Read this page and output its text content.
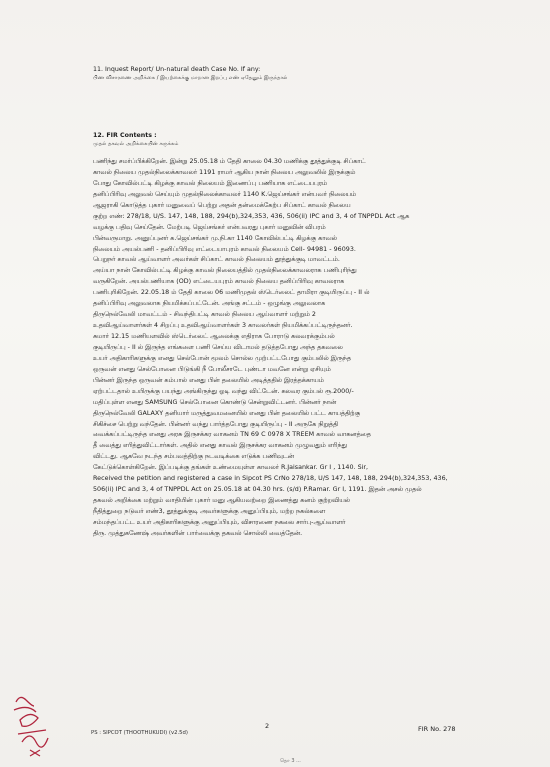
11. Inquest Report/ Un-natural death Case No. If any:
பிண விசாரணை அறிக்கை / இயற்கைக்கு மாறான இறப்பு எண் ஏதேனும் இருந்தால்
12. FIR Contents :
முதல் தகவல் அறிக்கையின் சுருக்கம்
பணிந்து சமர்ப்பிக்கிறேன். இன்று 25.05.18 ம் தேதி காலை 04.30 மணிக்கு தூத்துக்குடி சிப்காட்
காவல் நிலைய முதல்நிலைக்காவலர் 1191 ராமர் ஆகிய நான் நிலைய அலுவலில் இருக்கும்
போது கோவில்பட்டி கிழக்கு காவல் நிலையம் இணைப்பு பணியாக எட்டையபுரம்
தனிப்பிரிவு அலுவல் செய்யும் முதல்நிலைக்காவலர் 1140 K.ஜெய்சங்கர் என்பவர் நிலையம்
ஆஜராகி கொடுத்த புகார் மனுவைப் பெற்று அதன் தன்மைக்கேற்ப சிப்காட் காவல் நிலைய
குற்ற எண்: 278/18, U/S. 147, 148, 188, 294(b),324,353, 436, 506(ii) IPC and 3, 4 of TNPPDL Act ஆக
வழக்கு பதிவு செய்தேன். மேற்படி ஜெய்சங்கர் என்பவரது புகார் மனுவின் விபரம்
பின்வருமாறு. அனுப்புனர் க.ஜெய்சங்கர் மு.நி.கா 1140 கோவில்பட்டி கிழக்கு காவல்
நிலையம் அயல்பணி - தனிப்பிரிவு எட்டையாபுரம் காவல் நிலையம் Cell- 94981 - 96093.
பெறுநர் காவல் ஆய்வாளர் அவர்கள் சிப்காட் காவல் நிலையம் தூத்துக்குடி மாவட்டம்.
அய்யா நான் கோவில்பட்டி கிழக்கு காவல் நிலையத்தில் முதல்நிலைக்காவலராக பணிபுரிந்து
வருகிறேன். அயல்பணியாக (OD) எட்டையபுரம் காவல் நிலைய தனிப்பிரிவு காவலராக
பணிபுரிகிறேன். 22.05.18 ம் தேதி காலை 06 மணிமுதல் ஸ்டெர்லைட் தாமிரா குடியிருப்பு - II ல்
தனிப்பிரிவு அலுவலாக நியமிக்கப்பட்டேன். அங்கு சட்டம் - ஒழுங்கு அலுவலாக
திருநெல்வேலி மாவட்டம் - சிவந்திபட்டி காவல் நிலைய ஆய்வாளர் மற்றும் 2
உதவிஆய்வாளர்கள் 4 சிறப்பு உதவிஆய்வாளர்கள் 3 காவலர்கள் நியமிக்கப்பட்டிருந்தனர்.
சுமார் 12.15 மணியளவில் ஸ்டெர்லைட் ஆலைக்கு எதிராக போராடு கலவரக்கும்பல்
குடியிருப்பு - II ல் இருந்த எங்களை பணி செய்ய விடாமல் தடுத்தபோது அந்த தகவலை
உயர் அதிகாரிகளுக்கு எனது செல்போன் மூலம் சொல்ல முற்பட்டபோது கும்பலில் இருந்த
ஒருவன் எனது செல்போனை பிடுங்கி நீ போலீசாடே புண்டா மவனே என்று ஏசியும்
பின்னர் இருந்த ஒருவன் கம்பால் எனது பின் தலையில் அடித்ததில் இரத்தக்காயம்
ஏற்பட்டதால் உயிருக்கு பயந்து அங்கிருந்து ஓடி வந்து விட்டேன். கலவர கும்பல் ரூ.2000/-
மதிப்புள்ள எனது SAMSUNG செல்போனை கொண்டு சென்றுவிட்டனர். பின்னர் நான்
திருநெல்வேலி GALAXY தனியார் மருத்துவமனையில் எனது பின் தலையில் பட்ட காயத்திற்கு
சிகிச்சை பெற்று வந்தேன். பின்னர் வந்து பார்த்தபோது குடியிருப்பு - II அருகே நிறுத்தி
வைக்கப்பட்டிருந்த எனது அரசு இருசக்கர வாகனம் TN 69 C 0978 X TREEM காவல் வாகனத்தை
தீ வைத்து எரித்துவிட்டார்கள். அதில் எனது காவல் இருசக்கர வாகனம் முழுவதும் எரிந்து
விட்டது. ஆகவே நடந்த சம்பவத்திற்கு நடவடிக்கை எடுக்க பணிவுடன்
கேட்டுக்கொள்கிறேன். இப்படிக்கு தங்கள் உண்மையுள்ள காவலர் R.Jaisankar. Gr I , 1140. Sir,
Received the petition and registered a case in Sipcot PS CrNo 278/18, U/S 147, 148, 188, 294(b),324,353, 436,
506(ii) IPC and 3, 4 of TNPPDL Act on 25.05.18 at 04.30 hrs. (s/d) P.Ramar. Gr I, 1191. இதன் அசல் முதல்
தகவல் அறிக்கை மற்றும் வாதியின் புகார் மனு ஆகியவற்றை இணைத்து கனம் குற்றவியல்
நீதித்துறை நடுவர் எண்3, தூத்துக்குடி அவர்களுக்கு அனுப்பியும், மற்ற நகல்களை
சம்மந்தப்பட்ட உயர் அதிகாரிகளுக்கு அனுப்பியும், விசாரணை நகலை சார்பு-ஆய்வாளர்
திரு. முத்துகணேஷ் அவர்களின் பார்வைக்கு தகவல் சொல்லி வைத்தேன்.
PS : SIPCOT (THOOTHUKUDI) (v2.5d)
2	FIR No. 278
தொ 3 ...
